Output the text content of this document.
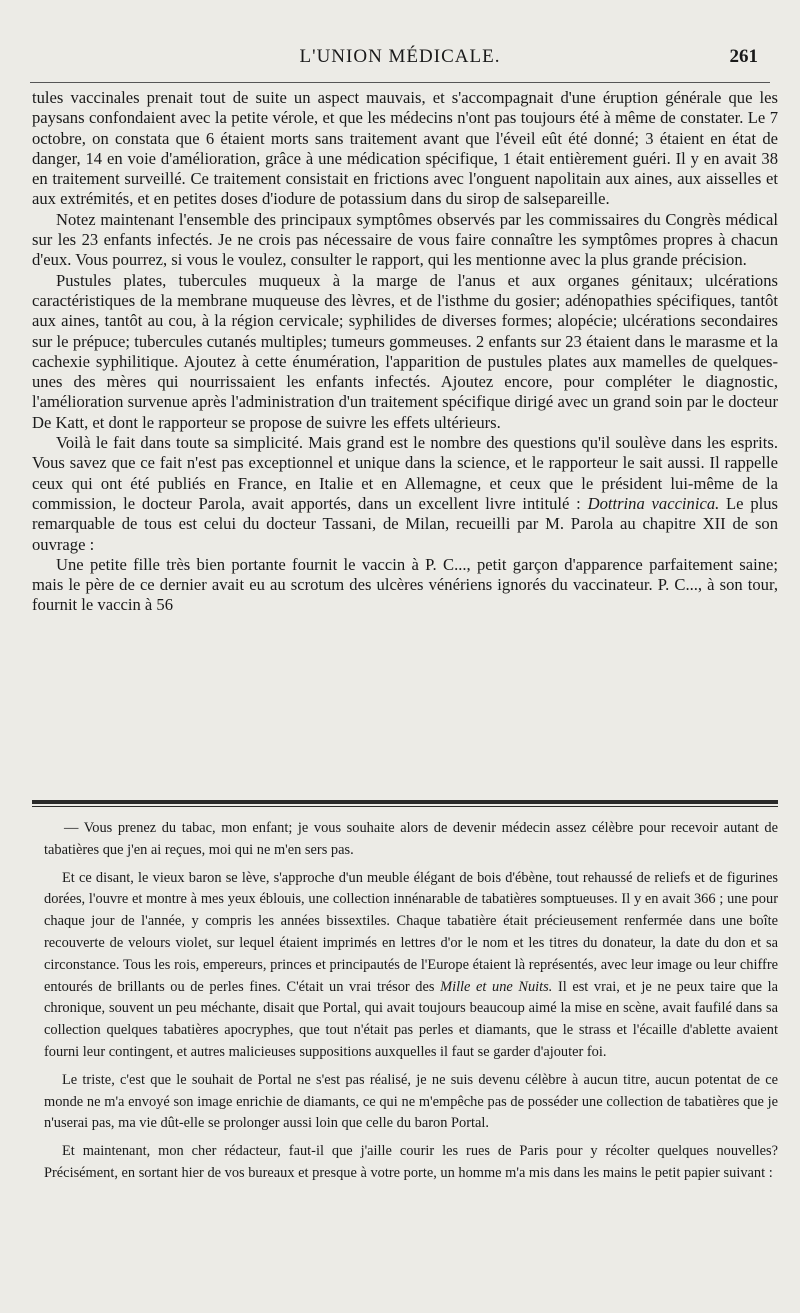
L'UNION MÉDICALE.	261

tules vaccinales prenait tout de suite un aspect mauvais, et s'accompagnait d'une éruption générale que les paysans confondaient avec la petite vérole, et que les médecins n'ont pas toujours été à même de constater. Le 7 octobre, on constata que 6 étaient morts sans traitement avant que l'éveil eût été donné; 3 étaient en état de danger, 14 en voie d'amélioration, grâce à une médication spécifique, 1 était entièrement guéri. Il y en avait 38 en traitement surveillé. Ce traitement consistait en frictions avec l'onguent napolitain aux aines, aux aisselles et aux extrémités, et en petites doses d'iodure de potassium dans du sirop de salsepareille.

Notez maintenant l'ensemble des principaux symptômes observés par les commissaires du Congrès médical sur les 23 enfants infectés. Je ne crois pas nécessaire de vous faire connaître les symptômes propres à chacun d'eux. Vous pourrez, si vous le voulez, consulter le rapport, qui les mentionne avec la plus grande précision.

Pustules plates, tubercules muqueux à la marge de l'anus et aux organes génitaux; ulcérations caractéristiques de la membrane muqueuse des lèvres, et de l'isthme du gosier; adénopathies spécifiques, tantôt aux aines, tantôt au cou, à la région cervicale; syphilides de diverses formes; alopécie; ulcérations secondaires sur le prépuce; tubercules cutanés multiples; tumeurs gommeuses. 2 enfants sur 23 étaient dans le marasme et la cachexie syphilitique. Ajoutez à cette énumération, l'apparition de pustules plates aux mamelles de quelques-unes des mères qui nourrissaient les enfants infectés. Ajoutez encore, pour compléter le diagnostic, l'amélioration survenue après l'administration d'un traitement spécifique dirigé avec un grand soin par le docteur De Katt, et dont le rapporteur se propose de suivre les effets ultérieurs.

Voilà le fait dans toute sa simplicité. Mais grand est le nombre des questions qu'il soulève dans les esprits. Vous savez que ce fait n'est pas exceptionnel et unique dans la science, et le rapporteur le sait aussi. Il rappelle ceux qui ont été publiés en France, en Italie et en Allemagne, et ceux que le président lui-même de la commission, le docteur Parola, avait apportés, dans un excellent livre intitulé : Dottrina vaccinica. Le plus remarquable de tous est celui du docteur Tassani, de Milan, recueilli par M. Parola au chapitre XII de son ouvrage :

Une petite fille très bien portante fournit le vaccin à P. C..., petit garçon d'apparence parfaitement saine; mais le père de ce dernier avait eu au scrotum des ulcères vénériens ignorés du vaccinateur. P. C..., à son tour, fournit le vaccin à 56

— Vous prenez du tabac, mon enfant; je vous souhaite alors de devenir médecin assez célèbre pour recevoir autant de tabatières que j'en ai reçues, moi qui ne m'en sers pas.

Et ce disant, le vieux baron se lève, s'approche d'un meuble élégant de bois d'ébène, tout rehaussé de reliefs et de figurines dorées, l'ouvre et montre à mes yeux éblouis, une collection innénarable de tabatières somptueuses. Il y en avait 366 ; une pour chaque jour de l'année, y compris les années bissextiles. Chaque tabatière était précieusement renfermée dans une boîte recouverte de velours violet, sur lequel étaient imprimés en lettres d'or le nom et les titres du donateur, la date du don et sa circonstance. Tous les rois, empereurs, princes et principautés de l'Europe étaient là représentés, avec leur image ou leur chiffre entourés de brillants ou de perles fines. C'était un vrai trésor des Mille et une Nuits. Il est vrai, et je ne peux taire que la chronique, souvent un peu méchante, disait que Portal, qui avait toujours beaucoup aimé la mise en scène, avait faufilé dans sa collection quelques tabatières apocryphes, que tout n'était pas perles et diamants, que le strass et l'écaille d'ablette avaient fourni leur contingent, et autres malicieuses suppositions auxquelles il faut se garder d'ajouter foi.

Le triste, c'est que le souhait de Portal ne s'est pas réalisé, je ne suis devenu célèbre à aucun titre, aucun potentat de ce monde ne m'a envoyé son image enrichie de diamants, ce qui ne m'empêche pas de posséder une collection de tabatières que je n'userai pas, ma vie dût-elle se prolonger aussi loin que celle du baron Portal.

Et maintenant, mon cher rédacteur, faut-il que j'aille courir les rues de Paris pour y récolter quelques nouvelles? Précisément, en sortant hier de vos bureaux et presque à votre porte, un homme m'a mis dans les mains le petit papier suivant :
